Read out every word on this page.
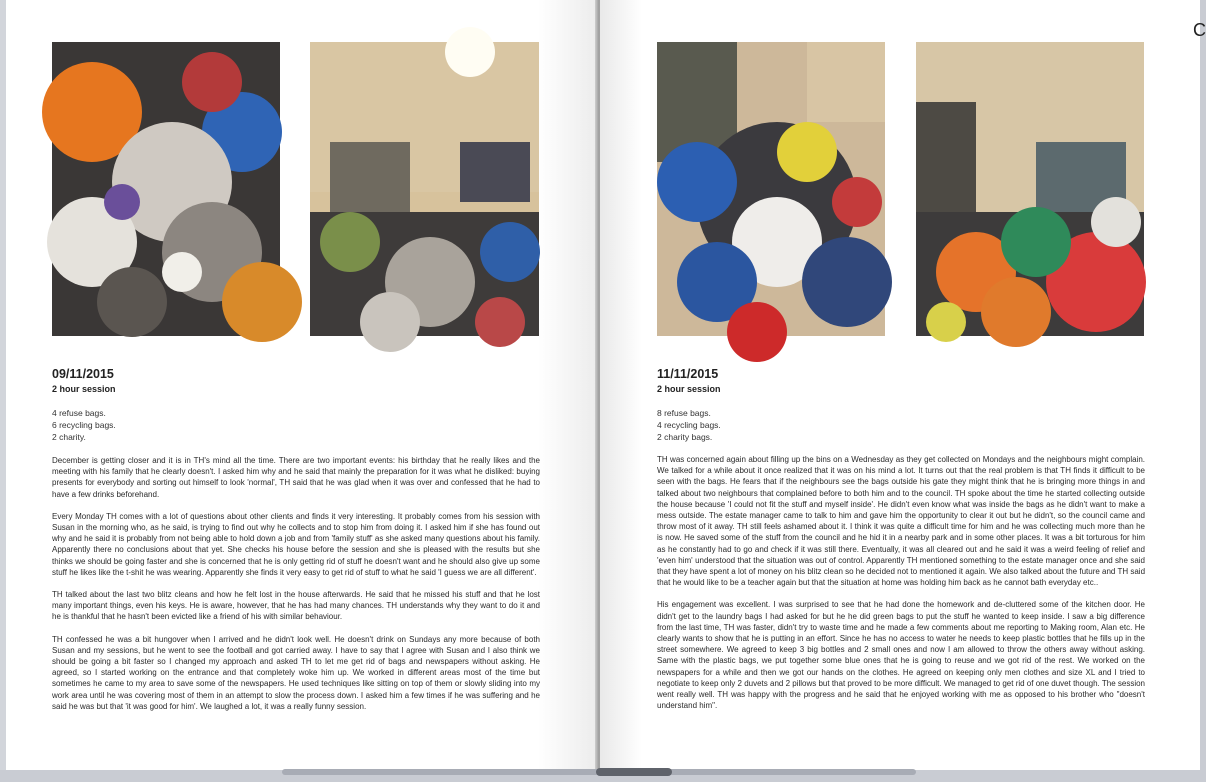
09/11/2015
2 hour session
4 refuse bags.
6 recycling bags.
2 charity.

December is getting closer and it is in TH's mind all the time. There are two important events: his birthday that he really likes and the meeting with his family that he clearly doesn't. I asked him why and he said that mainly the preparation for it was what he disliked: buying presents for everybody and sorting out himself to look 'normal', TH said that he was glad when it was over and confessed that he had to have a few drinks beforehand.

Every Monday TH comes with a lot of questions about other clients and finds it very interesting. It probably comes from his session with Susan in the morning who, as he said, is trying to find out why he collects and to stop him from doing it. I asked him if she has found out why and he said it is probably from not being able to hold down a job and from 'family stuff' as she asked many questions about his family. Apparently there no conclusions about that yet. She checks his house before the session and she is pleased with the results but she thinks we should be going faster and she is concerned that he is only getting rid of stuff he doesn't want and he should also give up some stuff he likes like the t-shit he was wearing. Apparently she finds it very easy to get rid of stuff to what he said 'I guess we are all different'.

TH talked about the last two blitz cleans and how he felt lost in the house afterwards. He said that he missed his stuff and that he lost many important things, even his keys. He is aware, however, that he has had many chances. TH understands why they want to do it and he is thankful that he hasn't been evicted like a friend of his with similar behaviour.

TH confessed he was a bit hungover when I arrived and he didn't look well. He doesn't drink on Sundays any more because of both Susan and my sessions, but he went to see the football and got carried away. I have to say that I agree with Susan and I also think we should be going a bit faster so I changed my approach and asked TH to let me get rid of bags and newspapers without asking. He agreed, so I started working on the entrance and that completely woke him up. We worked in different areas most of the time but sometimes he came to my area to save some of the newspapers. He used techniques like sitting on top of them or slowly sliding into my work area until he was covering most of them in an attempt to slow the process down. I asked him a few times if he was suffering and he said he was but that 'it was good for him'. We laughed a lot, it was a really funny session.

11/11/2015
2 hour session
8 refuse bags.
4 recycling bags.
2 charity bags.

TH was concerned again about filling up the bins on a Wednesday as they get collected on Mondays and the neighbours might complain. We talked for a while about it once realized that it was on his mind a lot. It turns out that the real problem is that TH finds it difficult to be seen with the bags. He fears that if the neighbours see the bags outside his gate they might think that he is bringing more things in and talked about two neighbours that complained before to both him and to the council. TH spoke about the time he started collecting outside the house because 'I could not fit the stuff and myself inside'. He didn't even know what was inside the bags as he didn't want to make a mess outside. The estate manager came to talk to him and gave him the opportunity to clear it out but he didn't, so the council came and throw most of it away. TH still feels ashamed about it. I think it was quite a difficult time for him and he was collecting much more than he is now. He saved some of the stuff from the council and he hid it in a nearby park and in some other places. It was a bit torturous for him as he constantly had to go and check if it was still there. Eventually, it was all cleared out and he said it was a weird feeling of relief and 'even him' understood that the situation was out of control. Apparently TH mentioned something to the estate manager once and she said that they have spent a lot of money on his blitz clean so he decided not to mentioned it again. We also talked about the future and TH said that he would like to be a teacher again but that the situation at home was holding him back as he cannot bath everyday etc..

His engagement was excellent. I was surprised to see that he had done the homework and de-cluttered some of the kitchen door. He didn't get to the laundry bags I had asked for but he he did green bags to put the stuff he wanted to keep inside. I saw a big difference from the last time, TH was faster, didn't try to waste time and he made a few comments about me reporting to Making room, Alan etc. He clearly wants to show that he is putting in an effort. Since he has no access to water he needs to keep plastic bottles that he fills up in the street somewhere. We agreed to keep 3 big bottles and 2 small ones and now I am allowed to throw the others away without asking. Same with the plastic bags, we put together some blue ones that he is going to reuse and we got rid of the rest. We worked on the newspapers for a while and then we got our hands on the clothes. He agreed on keeping only men clothes and size XL and I tried to negotiate to keep only 2 duvets and 2 pillows but that proved to be more difficult. We managed to get rid of one duvet though. The session went really well. TH was happy with the progress and he said that he enjoyed working with me as opposed to his brother who "doesn't understand him".

C
